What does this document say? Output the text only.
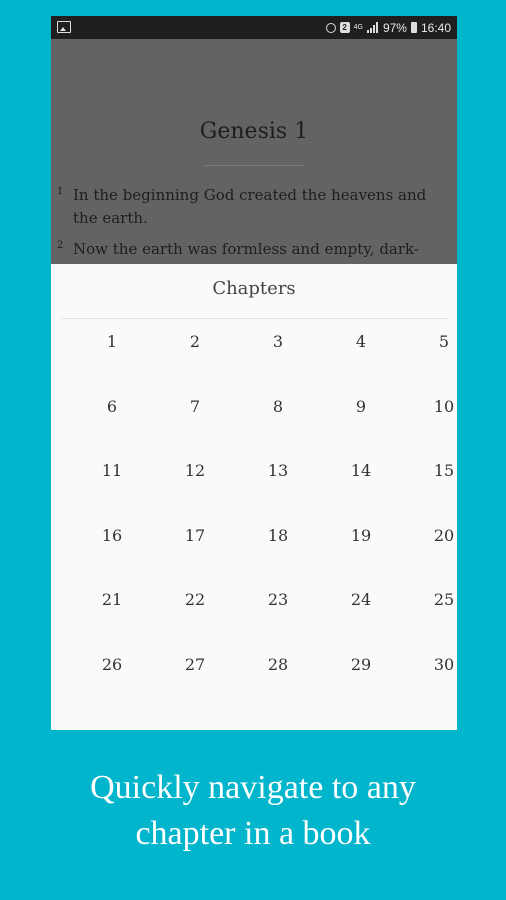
2 4G 97% 16:40
Genesis 1
1 In the beginning God created the heavens and the earth.
2 Now the earth was formless and empty, dark-
Chapters
1	2	3	4	5
6	7	8	9	10
11	12	13	14	15
16	17	18	19	20
21	22	23	24	25
26	27	28	29	30
Quickly navigate to any
chapter in a book
